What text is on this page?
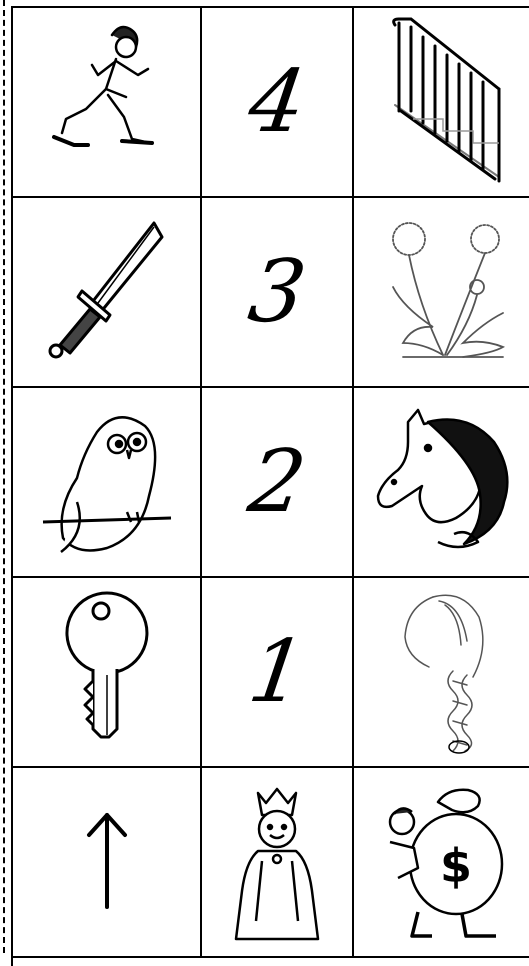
4
3
2
1
$
